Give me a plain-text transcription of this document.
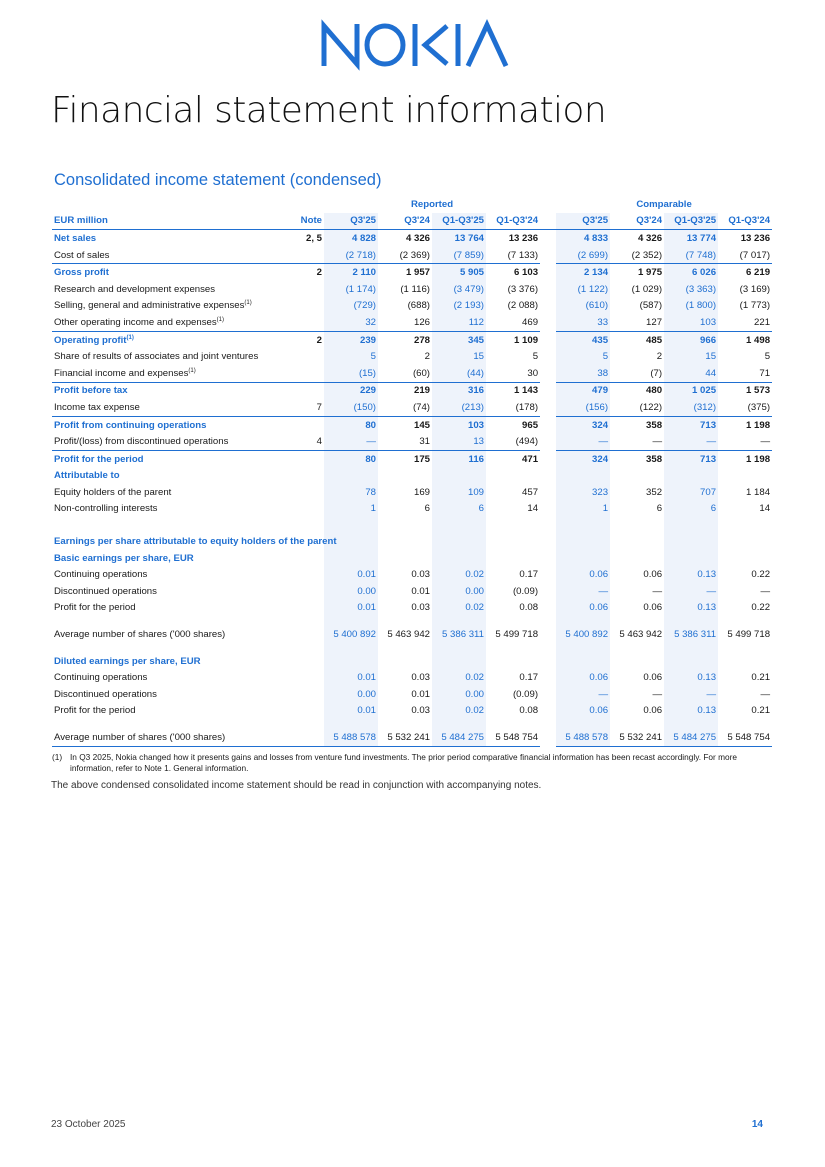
Financial statement information
Consolidated income statement (condensed)
		Reported					Comparable			
EUR million	Note	Q3'25	Q3'24	Q1-Q3'25	Q1-Q3'24		Q3'25	Q3'24	Q1-Q3'25	Q1-Q3'24
Net sales	2, 5	4 828	4 326	13 764	13 236		4 833	4 326	13 774	13 236
Cost of sales		(2 718)	(2 369)	(7 859)	(7 133)		(2 699)	(2 352)	(7 748)	(7 017)
Gross profit	2	2 110	1 957	5 905	6 103		2 134	1 975	6 026	6 219
Research and development expenses		(1 174)	(1 116)	(3 479)	(3 376)		(1 122)	(1 029)	(3 363)	(3 169)
Selling, general and administrative expenses$^{(1)}$		(729)	(688)	(2 193)	(2 088)		(610)	(587)	(1 800)	(1 773)
Other operating income and expenses$^{(1)}$		32	126	112	469		33	127	103	221
Operating profit$^{(1)}$	2	239	278	345	1 109		435	485	966	1 498
Share of results of associates and joint ventures		5	2	15	5		5	2	15	5
Financial income and expenses$^{(1)}$		(15)	(60)	(44)	30		38	(7)	44	71
Profit before tax		229	219	316	1 143		479	480	1 025	1 573
Income tax expense	7	(150)	(74)	(213)	(178)		(156)	(122)	(312)	(375)
Profit from continuing operations		80	145	103	965		324	358	713	1 198
Profit/(loss) from discontinued operations	4	—	31	13	(494)		—	—	—	—
Profit for the period		80	175	116	471		324	358	713	1 198
Attributable to										
Equity holders of the parent		78	169	109	457		323	352	707	1 184
Non-controlling interests		1	6	6	14		1	6	6	14

Earnings per share attributable to equity holders of the parent										
Basic earnings per share, EUR										
Continuing operations		0.01	0.03	0.02	0.17		0.06	0.06	0.13	0.22
Discontinued operations		0.00	0.01	0.00	(0.09)		—	—	—	—
Profit for the period		0.01	0.03	0.02	0.08		0.06	0.06	0.13	0.22

Average number of shares ('000 shares)		5 400 892	5 463 942	5 386 311	5 499 718		5 400 892	5 463 942	5 386 311	5 499 718

Diluted earnings per share, EUR										
Continuing operations		0.01	0.03	0.02	0.17		0.06	0.06	0.13	0.21
Discontinued operations		0.00	0.01	0.00	(0.09)		—	—	—	—
Profit for the period		0.01	0.03	0.02	0.08		0.06	0.06	0.13	0.21

Average number of shares ('000 shares)		5 488 578	5 532 241	5 484 275	5 548 754		5 488 578	5 532 241	5 484 275	5 548 754
(1) In Q3 2025, Nokia changed how it presents gains and losses from venture fund investments. The prior period comparative financial information has been recast accordingly. For more information, refer to Note 1. General information.
The above condensed consolidated income statement should be read in conjunction with accompanying notes.
23 October 2025	14
